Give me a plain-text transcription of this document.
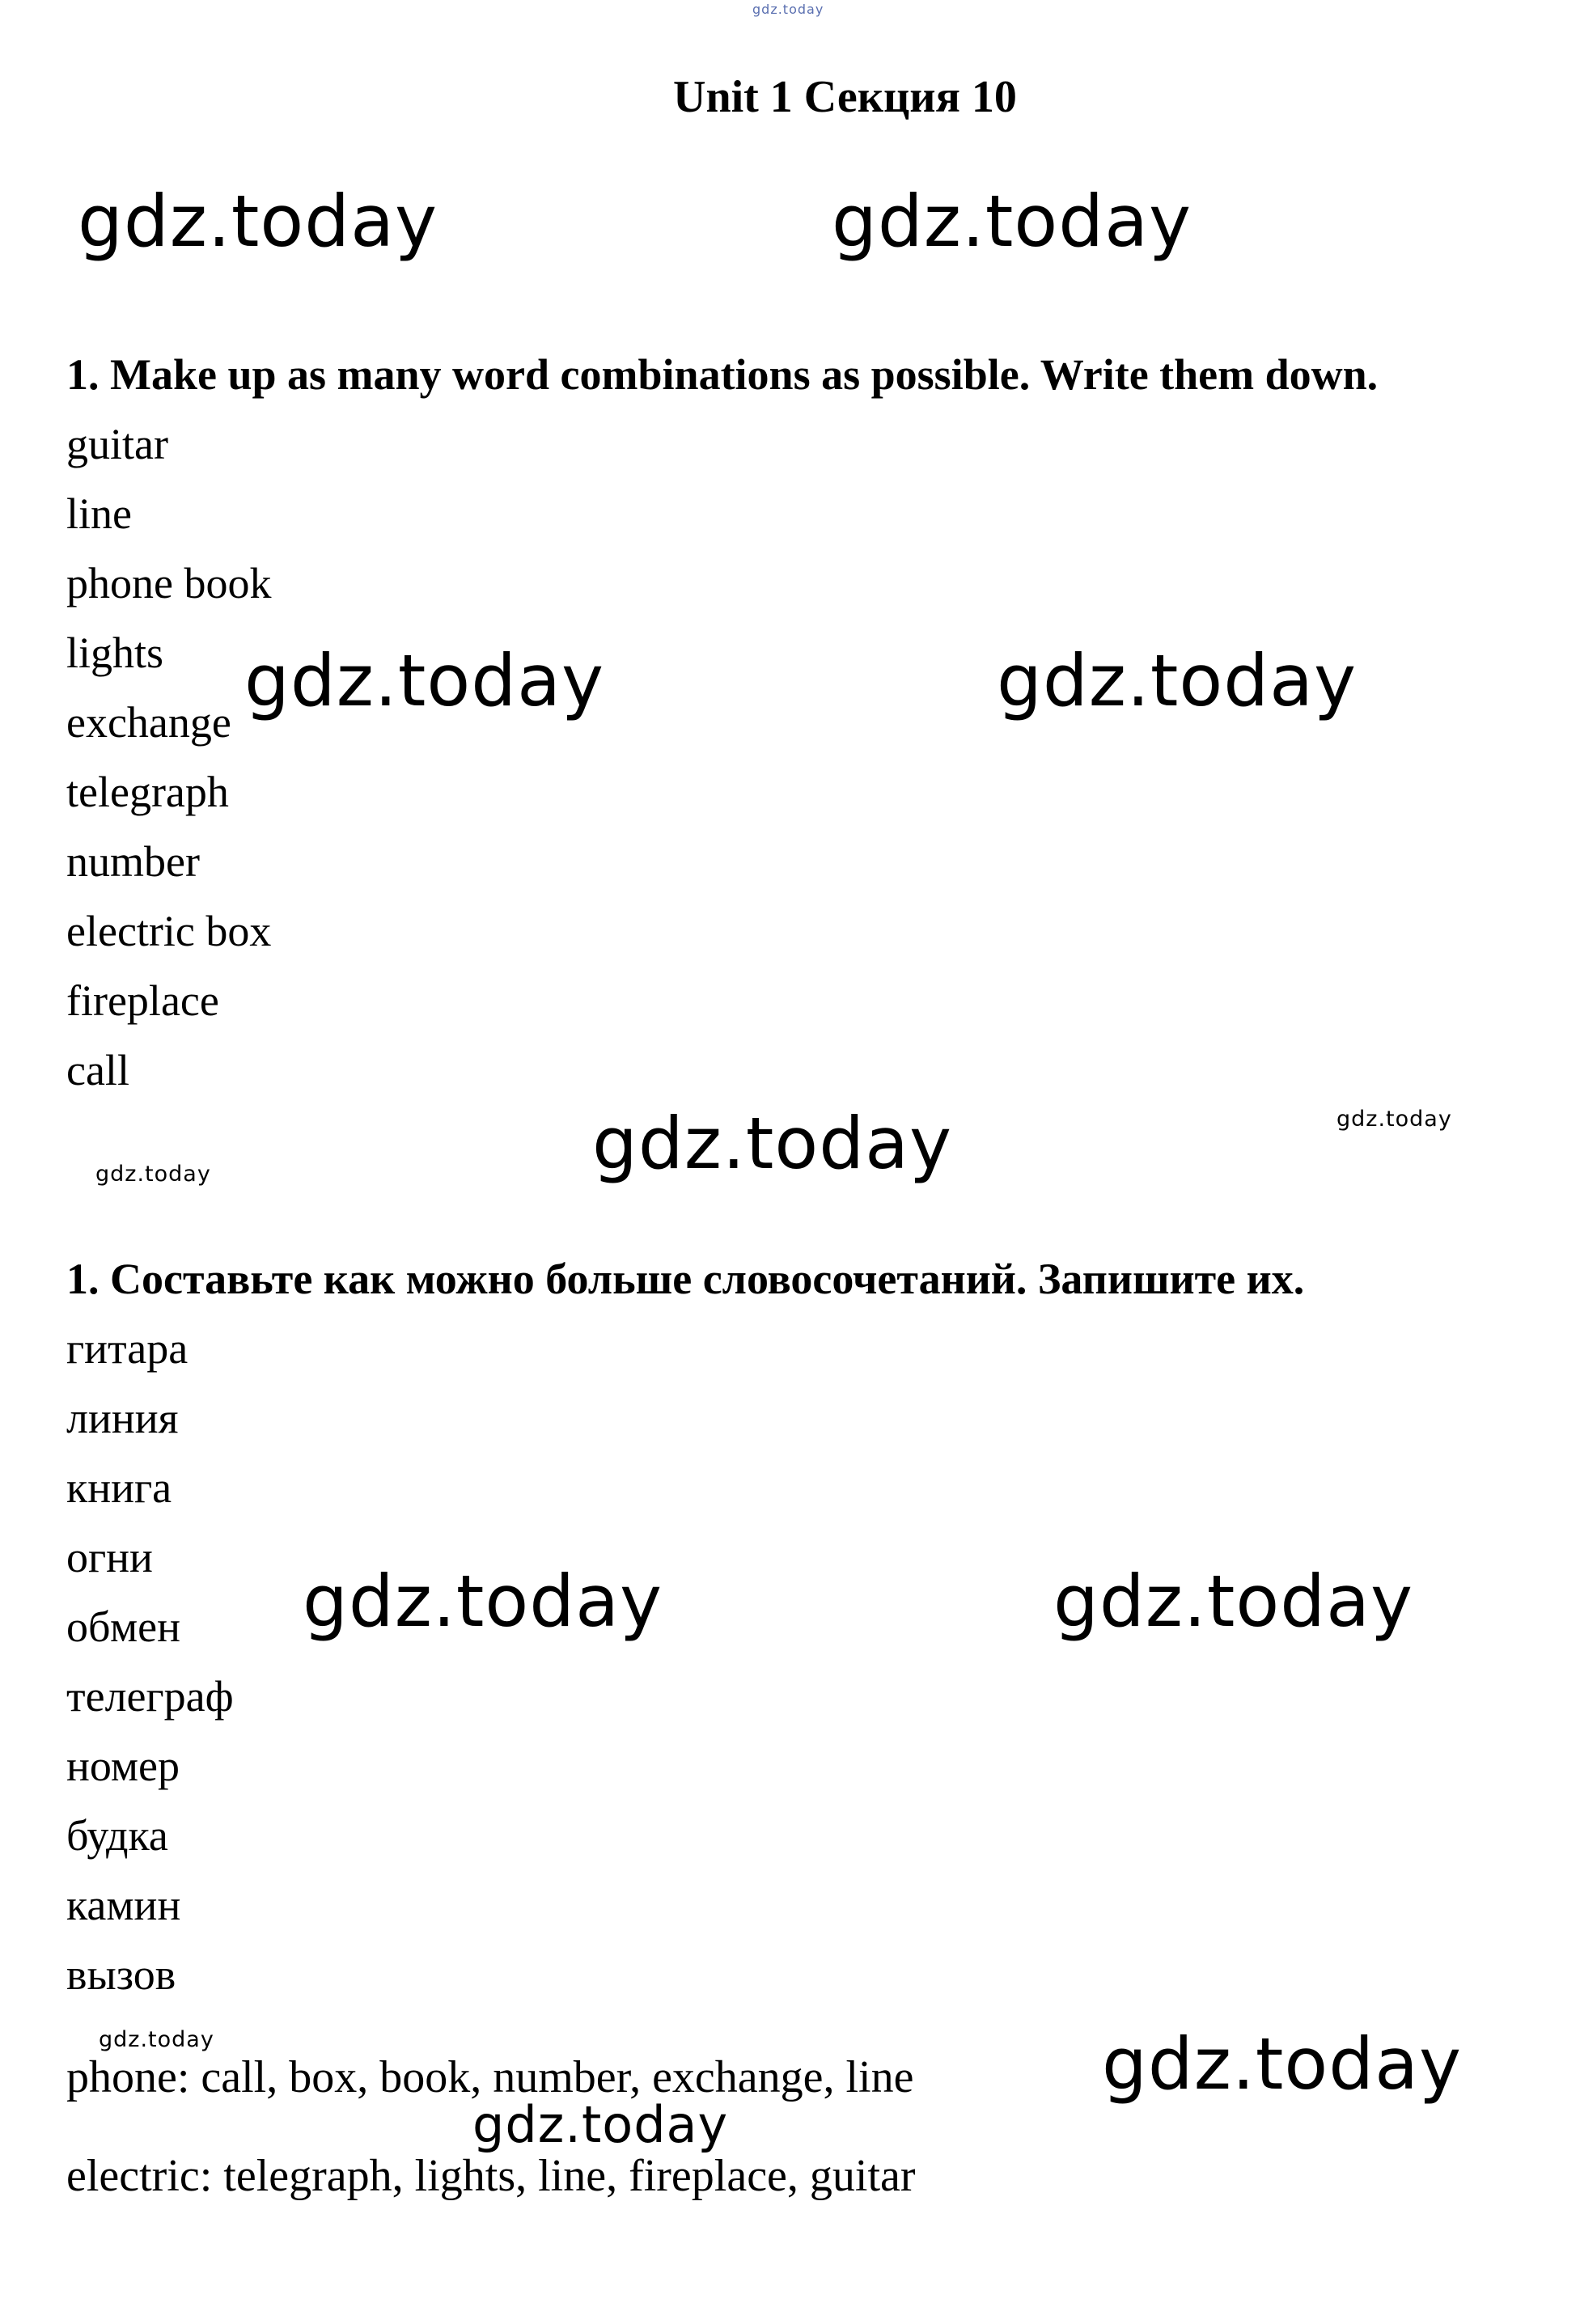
gdz.today
Unit 1 Секция 10
gdz.today	gdz.today
1. Make up as many word combinations as possible. Write them down.
guitar
line
phone book
lights
exchange
telegraph
number
electric box
fireplace
call
gdz.today	gdz.today
gdz.today	gdz.today
gdz.today
1. Составьте как можно больше словосочетаний. Запишите их.
гитара
линия
книга
огни
обмен
телеграф
номер
будка
камин
вызов
gdz.today	gdz.today
gdz.today	gdz.today
phone: call, box, book, number, exchange, line
gdz.today
electric: telegraph, lights, line, fireplace, guitar
